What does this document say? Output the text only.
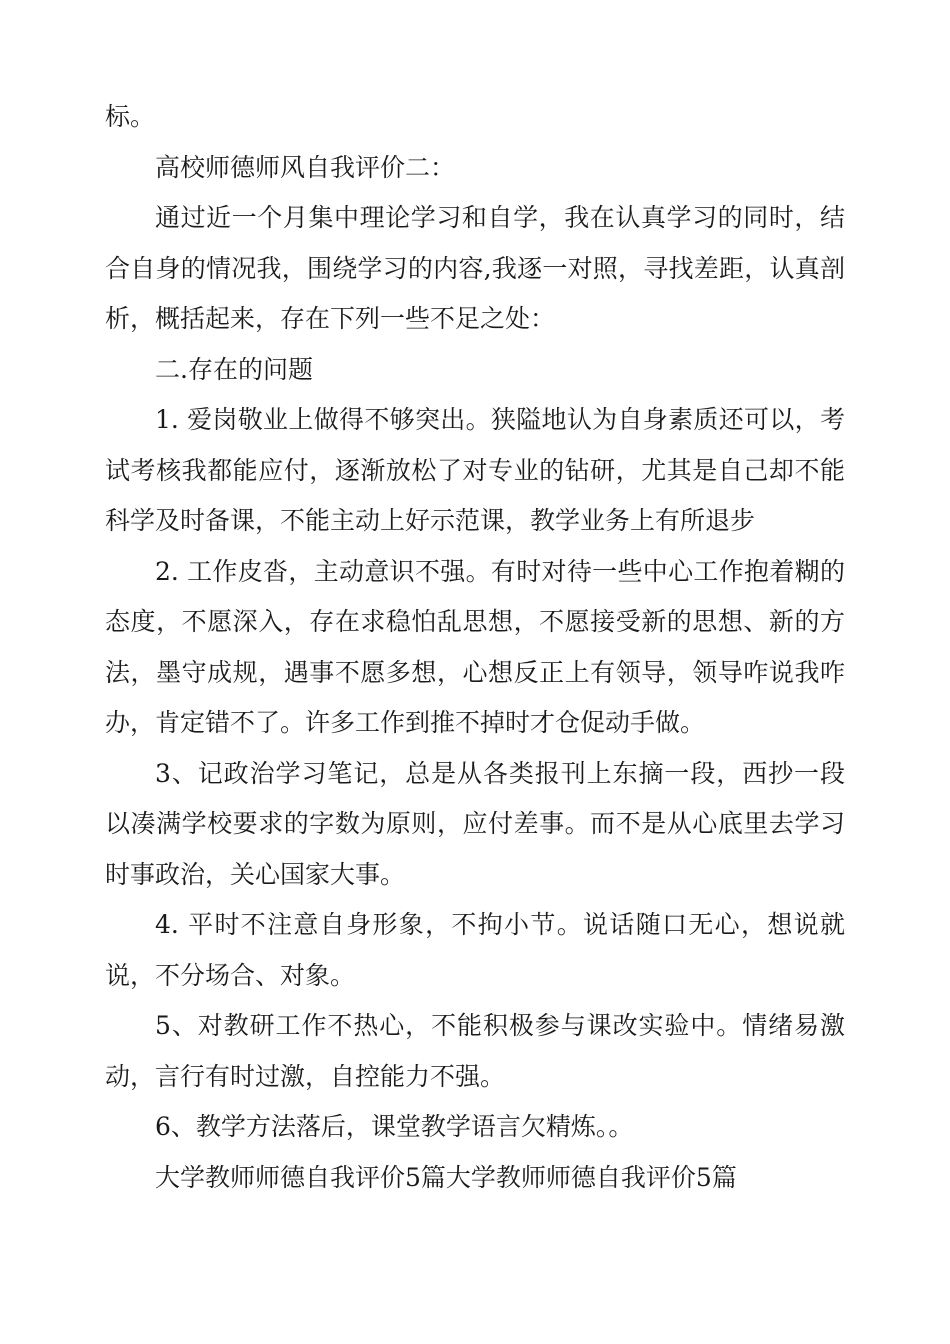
标。

高校师德师风自我评价二：

通过近一个月集中理论学习和自学，我在认真学习的同时，结合自身的情况我，围绕学习的内容,我逐一对照，寻找差距，认真剖析，概括起来，存在下列一些不足之处：

二.存在的问题

1. 爱岗敬业上做得不够突出。狭隘地认为自身素质还可以，考试考核我都能应付，逐渐放松了对专业的钻研，尤其是自己却不能科学及时备课，不能主动上好示范课，教学业务上有所退步

2. 工作皮沓，主动意识不强。有时对待一些中心工作抱着糊的态度，不愿深入，存在求稳怕乱思想，不愿接受新的思想、新的方法，墨守成规，遇事不愿多想，心想反正上有领导，领导咋说我咋办，肯定错不了。许多工作到推不掉时才仓促动手做。

3、记政治学习笔记，总是从各类报刊上东摘一段，西抄一段以凑满学校要求的字数为原则，应付差事。而不是从心底里去学习时事政治，关心国家大事。

4. 平时不注意自身形象，不拘小节。说话随口无心，想说就说，不分场合、对象。

5、对教研工作不热心，不能积极参与课改实验中。情绪易激动，言行有时过激，自控能力不强。

6、教学方法落后，课堂教学语言欠精炼。。

大学教师师德自我评价5篇大学教师师德自我评价5篇
